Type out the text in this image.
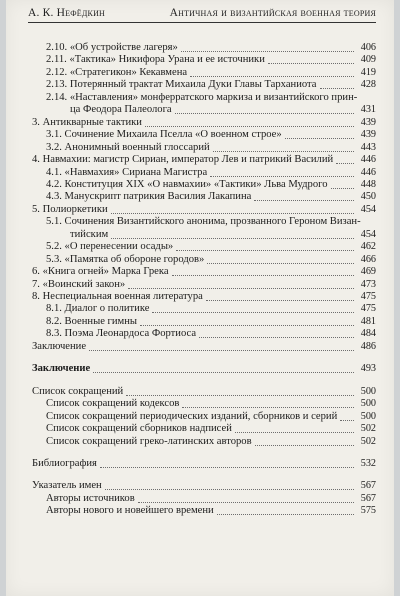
А. К. Нефёдкин	Античная и византийская военная теория
2.10. «Об устройстве лагеря»	406
2.11. «Тактика» Никифора Урана и ее источники	409
2.12. «Стратегикон» Кекавмена	419
2.13. Потерянный трактат Михаила Дуки Главы Тарханиота	428
2.14. «Наставления» монферратского маркиза и византийского прин-
ца Феодора Палеолога	431
3. Антикварные тактики	439
3.1. Сочинение Михаила Пселла «О военном строе»	439
3.2. Анонимный военный глоссарий	443
4. Навмахии: магистр Сириан, император Лев и патрикий Василий	446
4.1. «Навмахия» Сириана Магистра	446
4.2. Конституция XIX «О навмахии» «Тактики» Льва Мудрого	448
4.3. Манускрипт патрикия Василия Лакапина	450
5. Полиоркетики	454
5.1. Сочинения Византийского анонима, прозванного Героном Визан-
тийским	454
5.2. «О перенесении осады»	462
5.3. «Памятка об обороне городов»	466
6. «Книга огней» Марка Грека	469
7. «Воинский закон»	473
8. Неспециальная военная литература	475
8.1. Диалог о политике	475
8.2. Военные гимны	481
8.3. Поэма Леонардоса Фортиоса	484
Заключение	486
Заключение	493
Список сокращений	500
Список сокращений кодексов	500
Список сокращений периодических изданий, сборников и серий 500
Список сокращений сборников надписей	502
Список сокращений греко-латинских авторов	502
Библиография	532
Указатель имен	567
Авторы источников	567
Авторы нового и новейшего времени	575
